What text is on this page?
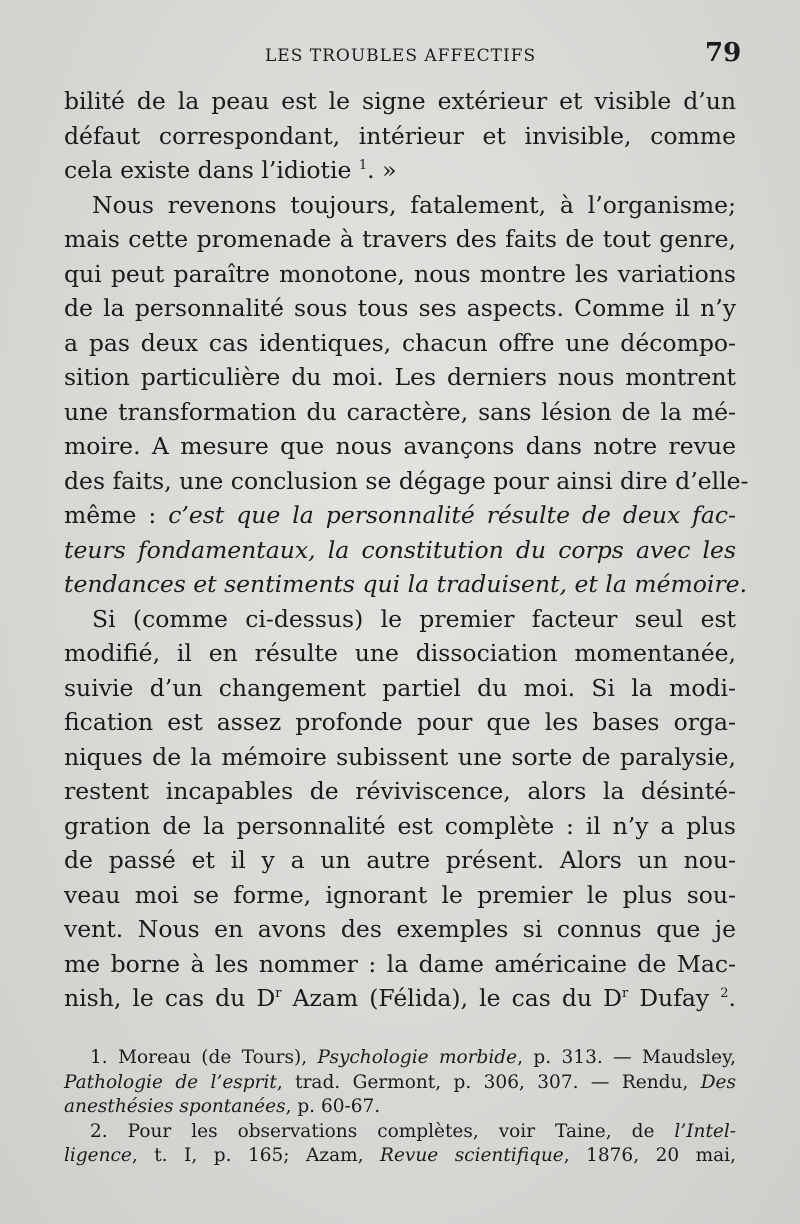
LES TROUBLES AFFECTIFS	79
bilité de la peau est le signe extérieur et visible d’un
défaut correspondant, intérieur et invisible, comme
cela existe dans l’idiotie $^1$. »
Nous revenons toujours, fatalement, à l’organisme;
mais cette promenade à travers des faits de tout genre,
qui peut paraître monotone, nous montre les variations
de la personnalité sous tous ses aspects. Comme il n’y
a pas deux cas identiques, chacun offre une décompo-
sition particulière du moi. Les derniers nous montrent
une transformation du caractère, sans lésion de la mé-
moire. A mesure que nous avançons dans notre revue
des faits, une conclusion se dégage pour ainsi dire d’elle-
même : c’est que la personnalité résulte de deux fac-
teurs fondamentaux, la constitution du corps avec les
tendances et sentiments qui la traduisent, et la mémoire.
Si (comme ci-dessus) le premier facteur seul est
modifié, il en résulte une dissociation momentanée,
suivie d’un changement partiel du moi. Si la modi-
fication est assez profonde pour que les bases orga-
niques de la mémoire subissent une sorte de paralysie,
restent incapables de réviviscence, alors la désinté-
gration de la personnalité est complète : il n’y a plus
de passé et il y a un autre présent. Alors un nou-
veau moi se forme, ignorant le premier le plus sou-
vent. Nous en avons des exemples si connus que je
me borne à les nommer : la dame américaine de Mac-
nish, le cas du $D^r$ Azam (Félida), le cas du $D^r$ Dufay $^2$.
1. Moreau (de Tours), Psychologie morbide, p. 313. — Maudsley,
Pathologie de l’esprit, trad. Germont, p. 306, 307. — Rendu, Des
anesthésies spontanées, p. 60-67.
2. Pour les observations complètes, voir Taine, de l’Intel-
ligence, t. I, p. 165; Azam, Revue scientifique, 1876, 20 mai,
